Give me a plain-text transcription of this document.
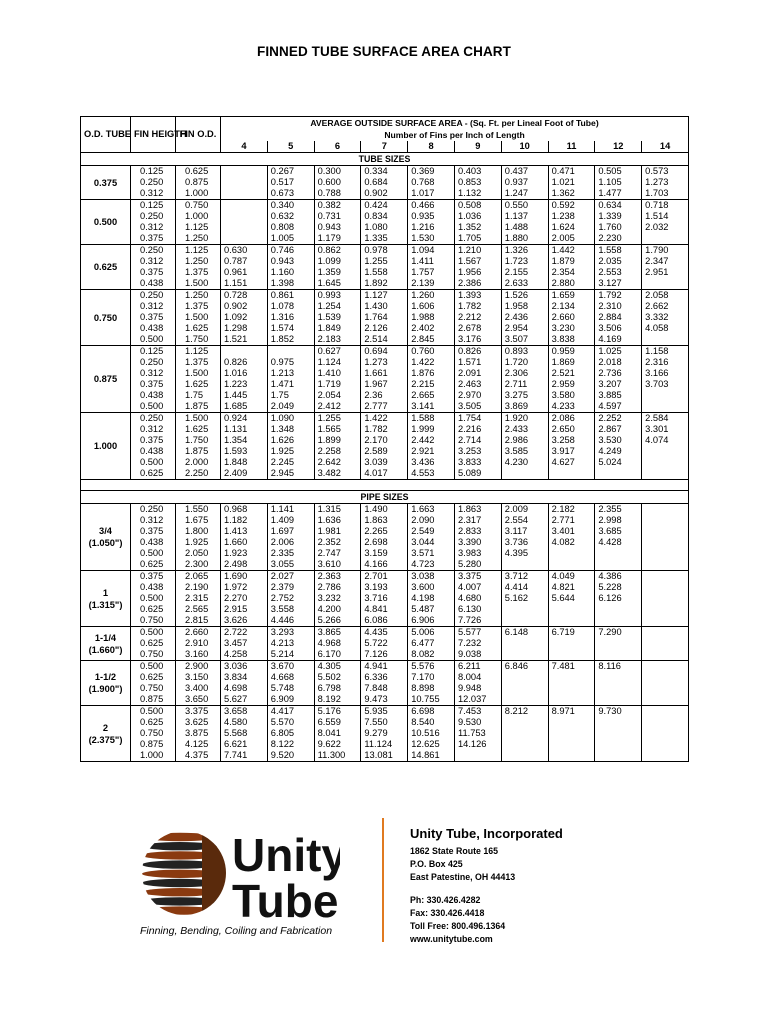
FINNED TUBE SURFACE AREA CHART
O.D. TUBE	FIN HEIGTH	FIN O.D.	AVERAGE OUTSIDE SURFACE AREA - (Sq. Ft. per Lineal Foot of Tube)									
			Number of Fins per Inch of Length									
			4	5	6	7	8	9	10	11	12	14
TUBE SIZES												
0.375	0.125	0.625		0.267	0.300	0.334	0.369	0.403	0.437	0.471	0.505	0.573
	0.250	0.875		0.517	0.600	0.684	0.768	0.853	0.937	1.021	1.105	1.273
	0.312	1.000		0.673	0.788	0.902	1.017	1.132	1.247	1.362	1.477	1.703
0.500	0.125	0.750		0.340	0.382	0.424	0.466	0.508	0.550	0.592	0.634	0.718
	0.250	1.000		0.632	0.731	0.834	0.935	1.036	1.137	1.238	1.339	1.514
	0.312	1.125		0.808	0.943	1.080	1.216	1.352	1.488	1.624	1.760	2.032
	0.375	1.250		1.005	1.179	1.335	1.530	1.705	1.880	2.005	2.230	
0.625	0.250	1.125	0.630	0.746	0.862	0.978	1.094	1.210	1.326	1.442	1.558	1.790
	0.312	1.250	0.787	0.943	1.099	1.255	1.411	1.567	1.723	1.879	2.035	2.347
	0.375	1.375	0.961	1.160	1.359	1.558	1.757	1.956	2.155	2.354	2.553	2.951
	0.438	1.500	1.151	1.398	1.645	1.892	2.139	2.386	2.633	2.880	3.127	
0.750	0.250	1.250	0.728	0.861	0.993	1.127	1.260	1.393	1.526	1.659	1.792	2.058
	0.312	1.375	0.902	1.078	1.254	1.430	1.606	1.782	1.958	2.134	2.310	2.662
	0.375	1.500	1.092	1.316	1.539	1.764	1.988	2.212	2.436	2.660	2.884	3.332
	0.438	1.625	1.298	1.574	1.849	2.126	2.402	2.678	2.954	3.230	3.506	4.058
	0.500	1.750	1.521	1.852	2.183	2.514	2.845	3.176	3.507	3.838	4.169	
0.875	0.125	1.125			0.627	0.694	0.760	0.826	0.893	0.959	1.025	1.158
	0.250	1.375	0.826	0.975	1.124	1.273	1.422	1.571	1.720	1.869	2.018	2.316
	0.312	1.500	1.016	1.213	1.410	1.661	1.876	2.091	2.306	2.521	2.736	3.166
	0.375	1.625	1.223	1.471	1.719	1.967	2.215	2.463	2.711	2.959	3.207	3.703
	0.438	1.75	1.445	1.75	2.054	2.36	2.665	2.970	3.275	3.580	3.885	
	0.500	1.875	1.685	2.049	2.412	2.777	3.141	3.505	3.869	4.233	4.597	
1.000	0.250	1.500	0.924	1.090	1.255	1.422	1.588	1.754	1.920	2.086	2.252	2.584
	0.312	1.625	1.131	1.348	1.565	1.782	1.999	2.216	2.433	2.650	2.867	3.301
	0.375	1.750	1.354	1.626	1.899	2.170	2.442	2.714	2.986	3.258	3.530	4.074
	0.438	1.875	1.593	1.925	2.258	2.589	2.921	3.253	3.585	3.917	4.249	
	0.500	2.000	1.848	2.245	2.642	3.039	3.436	3.833	4.230	4.627	5.024	
	0.625	2.250	2.409	2.945	3.482	4.017	4.553	5.089				

PIPE SIZES												
3/4
(1.050")	0.250	1.550	0.968	1.141	1.315	1.490	1.663	1.863	2.009	2.182	2.355	
	0.312	1.675	1.182	1.409	1.636	1.863	2.090	2.317	2.554	2.771	2.998	
	0.375	1.800	1.413	1.697	1.981	2.265	2.549	2.833	3.117	3.401	3.685	
	0.438	1.925	1.660	2.006	2.352	2.698	3.044	3.390	3.736	4.082	4.428	
	0.500	2.050	1.923	2.335	2.747	3.159	3.571	3.983	4.395			
	0.625	2.300	2.498	3.055	3.610	4.166	4.723	5.280				
1
(1.315")	0.375	2.065	1.690	2.027	2.363	2.701	3.038	3.375	3.712	4.049	4.386	
	0.438	2.190	1.972	2.379	2.786	3.193	3.600	4.007	4.414	4.821	5.228	
	0.500	2.315	2.270	2.752	3.232	3.716	4.198	4.680	5.162	5.644	6.126	
	0.625	2.565	2.915	3.558	4.200	4.841	5.487	6.130				
	0.750	2.815	3.626	4.446	5.266	6.086	6.906	7.726				
1-1/4
(1.660")	0.500	2.660	2.722	3.293	3.865	4.435	5.006	5.577	6.148	6.719	7.290	
	0.625	2.910	3.457	4.213	4.968	5.722	6.477	7.232				
	0.750	3.160	4.258	5.214	6.170	7.126	8.082	9.038				
1-1/2
(1.900")	0.500	2.900	3.036	3.670	4.305	4.941	5.576	6.211	6.846	7.481	8.116	
	0.625	3.150	3.834	4.668	5.502	6.336	7.170	8.004				
	0.750	3.400	4.698	5.748	6.798	7.848	8.898	9.948				
	0.875	3.650	5.627	6.909	8.192	9.473	10.755	12.037				
2
(2.375")	0.500	3.375	3.658	4.417	5.176	5.935	6.698	7.453	8.212	8.971	9.730	
	0.625	3.625	4.580	5.570	6.559	7.550	8.540	9.530				
	0.750	3.875	5.568	6.805	8.041	9.279	10.516	11.753				
	0.875	4.125	6.621	8.122	9.622	11.124	12.625	14.126				
	1.000	4.375	7.741	9.520	11.300	13.081	14.861					
Unity
Tube
Finning, Bending, Coiling and Fabrication
Unity Tube, Incorporated
1862 State Route 165
P.O. Box 425
East Patestine, OH 44413
Ph: 330.426.4282
Fax: 330.426.4418
Toll Free: 800.496.1364
www.unitytube.com
